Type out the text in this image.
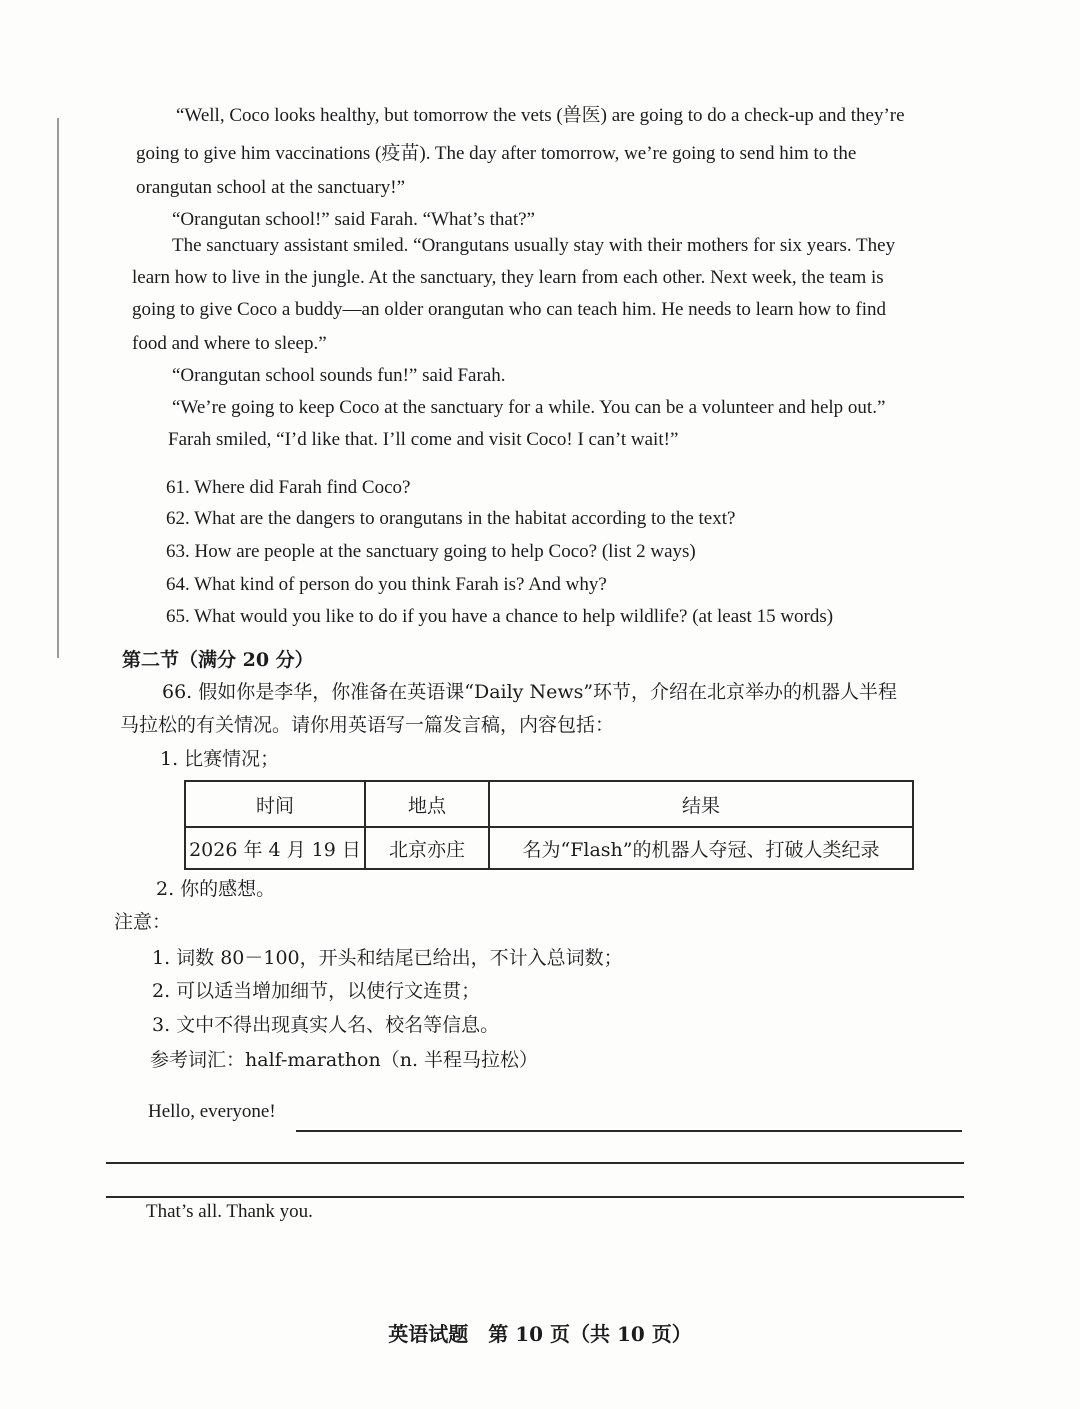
“Well, Coco looks healthy, but tomorrow the vets (兽医) are going to do a check-up and they’re
going to give him vaccinations (疫苗). The day after tomorrow, we’re going to send him to the
orangutan school at the sanctuary!”
“Orangutan school!” said Farah. “What’s that?”
The sanctuary assistant smiled. “Orangutans usually stay with their mothers for six years. They
learn how to live in the jungle. At the sanctuary, they learn from each other. Next week, the team is
going to give Coco a buddy—an older orangutan who can teach him. He needs to learn how to find
food and where to sleep.”
“Orangutan school sounds fun!” said Farah.
“We’re going to keep Coco at the sanctuary for a while. You can be a volunteer and help out.”
Farah smiled, “I’d like that. I’ll come and visit Coco! I can’t wait!”
61. Where did Farah find Coco?
62. What are the dangers to orangutans in the habitat according to the text?
63. How are people at the sanctuary going to help Coco? (list 2 ways)
64. What kind of person do you think Farah is? And why?
65. What would you like to do if you have a chance to help wildlife? (at least 15 words)
第二节（满分 20 分）
66. 假如你是李华，你准备在英语课“Daily News”环节，介绍在北京举办的机器人半程
马拉松的有关情况。请你用英语写一篇发言稿，内容包括：
1. 比赛情况；
时间	地点	结果
2026 年 4 月 19 日	北京亦庄	名为“Flash”的机器人夺冠、打破人类纪录
2. 你的感想。
注意：
1. 词数 80－100，开头和结尾已给出，不计入总词数；
2. 可以适当增加细节，以使行文连贯；
3. 文中不得出现真实人名、校名等信息。
参考词汇：half-marathon（n. 半程马拉松）
Hello, everyone!
That’s all. Thank you.
英语试题　第 10 页（共 10 页）
